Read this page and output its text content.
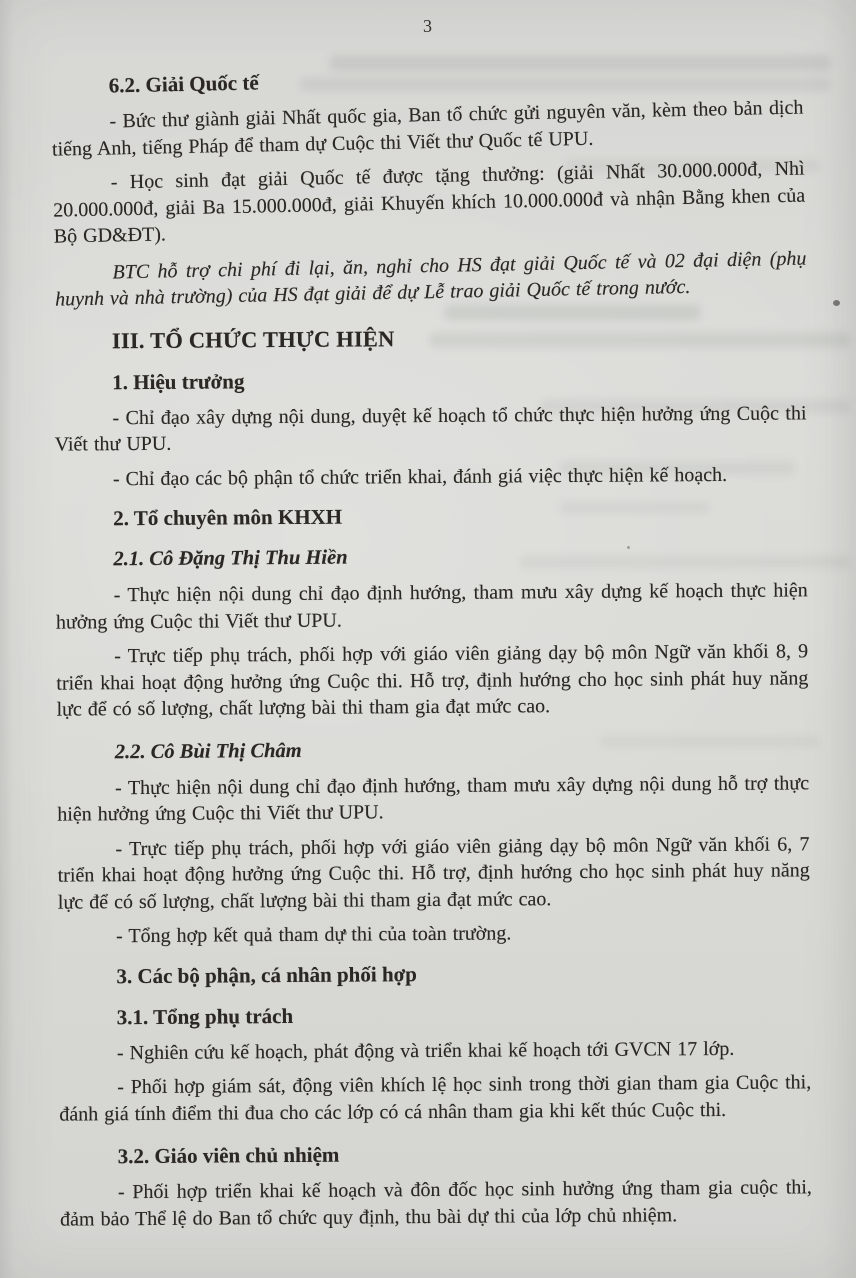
3
6.2. Giải Quốc tế
- Bức thư giành giải Nhất quốc gia, Ban tổ chức gửi nguyên văn, kèm theo bản dịch tiếng Anh, tiếng Pháp để tham dự Cuộc thi Viết thư Quốc tế UPU.
- Học sinh đạt giải Quốc tế được tặng thưởng: (giải Nhất 30.000.000đ, Nhì 20.000.000đ, giải Ba 15.000.000đ, giải Khuyến khích 10.000.000đ và nhận Bằng khen của Bộ GD&ĐT).
BTC hỗ trợ chi phí đi lại, ăn, nghỉ cho HS đạt giải Quốc tế và 02 đại diện (phụ huynh và nhà trường) của HS đạt giải để dự Lễ trao giải Quốc tế trong nước.
III. TỔ CHỨC THỰC HIỆN
1. Hiệu trưởng
- Chỉ đạo xây dựng nội dung, duyệt kế hoạch tổ chức thực hiện hưởng ứng Cuộc thi Viết thư UPU.
- Chỉ đạo các bộ phận tổ chức triển khai, đánh giá việc thực hiện kế hoạch.
2. Tổ chuyên môn KHXH
2.1. Cô Đặng Thị Thu Hiền
- Thực hiện nội dung chỉ đạo định hướng, tham mưu xây dựng kế hoạch thực hiện hưởng ứng Cuộc thi Viết thư UPU.
- Trực tiếp phụ trách, phối hợp với giáo viên giảng dạy bộ môn Ngữ văn khối 8, 9 triển khai hoạt động hưởng ứng Cuộc thi. Hỗ trợ, định hướng cho học sinh phát huy năng lực để có số lượng, chất lượng bài thi tham gia đạt mức cao.
2.2. Cô Bùi Thị Châm
- Thực hiện nội dung chỉ đạo định hướng, tham mưu xây dựng nội dung hỗ trợ thực hiện hưởng ứng Cuộc thi Viết thư UPU.
- Trực tiếp phụ trách, phối hợp với giáo viên giảng dạy bộ môn Ngữ văn khối 6, 7 triển khai hoạt động hưởng ứng Cuộc thi. Hỗ trợ, định hướng cho học sinh phát huy năng lực để có số lượng, chất lượng bài thi tham gia đạt mức cao.
- Tổng hợp kết quả tham dự thi của toàn trường.
3. Các bộ phận, cá nhân phối hợp
3.1. Tổng phụ trách
- Nghiên cứu kế hoạch, phát động và triển khai kế hoạch tới GVCN 17 lớp.
- Phối hợp giám sát, động viên khích lệ học sinh trong thời gian tham gia Cuộc thi, đánh giá tính điểm thi đua cho các lớp có cá nhân tham gia khi kết thúc Cuộc thi.
3.2. Giáo viên chủ nhiệm
- Phối hợp triển khai kế hoạch và đôn đốc học sinh hưởng ứng tham gia cuộc thi, đảm bảo Thể lệ do Ban tổ chức quy định, thu bài dự thi của lớp chủ nhiệm.
